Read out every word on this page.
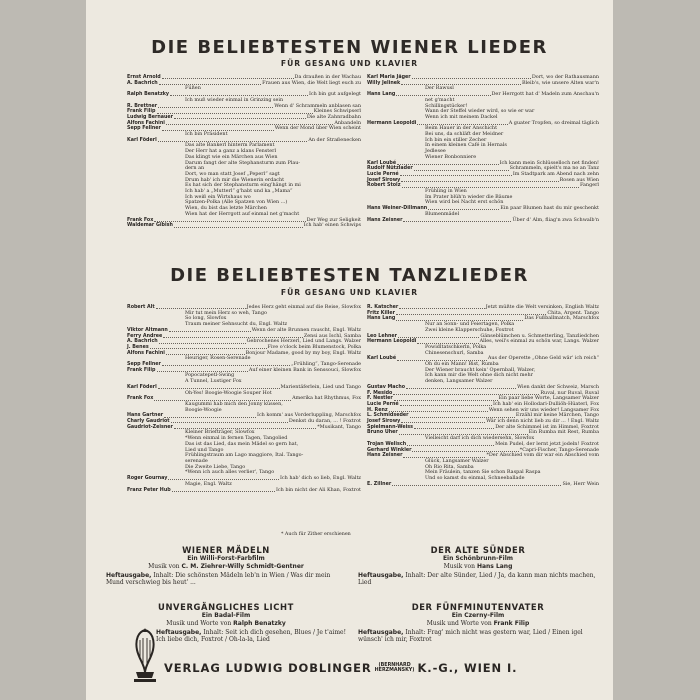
DIE BELIEBTESTEN WIENER LIEDER
FÜR GESANG UND KLAVIER
Ernst Arnold	Da draußen in der Wachau
A. Bachrich	Frauen aus Wien, die Welt liegt euch zu
Füßen
Ralph Benatzky	Ich bin gut aufgelegt
Ich muß wieder einmal in Grinzing sein
R. Brettner	Wenn d' Schrammeln anblasen san
Frank Filip	Kleines Schwipserl
Ludwig Bernauer	Die alte Zahnradbahn
Alfons Fachini	Anbandeln
Sepp Fellner	Wenn der Mond über Wien scheint
Ich bin Präsident
Karl Föderl	An der Straßenecken
Das alte Bankerl hinterm Parlament
Der Herr hat a ganz a klans Fensterl
Das klingt wie ein Märchen aus Wien
Darum fangt der alte Stephansturm zum Plau-
dern an
Dort, wo man statt Josef „Peperl“ sagt
Drum hab' ich mir die Wienerin erdacht
Es hat sich der Stephansturm eing'hängt in mi
Ich hab' a „Mutterl“ g'habt und ka „Mama“
Ich weiß ein Wirtshaus wo
Spatzen-Polka (Alle Spatzen von Wien ...)
Wien, du bist das letzte Märchen
Wien hat der Herrgott auf einmal net g'macht
Frank Fox	Der Weg zur Seligkeit
Waldemar Gibish	Ich hab' einen Schwips
Karl Maria Jäger	Dort, wo der Rathausmann
Willy Jelinek	Bleib's, wie unsere Alten war'n
Der Rawusl
Hans Lang	Der Herrgott hat d' Madeln zum Anschau'n
net g'macht
Schillingstücker!
Wann der Steffel wieder wird, so wie er war
Wenn ich mit meinem Dackel
Hermann Leopoldi	A guater Tropfen, so dreimal täglich
Beim Hauer in der Anschicht
Bei uns, da schläft der Meidner
Ich bin ein stiller Zecher
In einem kleinen Café in Hernals
Jedlesee
Wiener Bonbonniere
Karl Loubé	Ich kann mein Schlüsselloch net finden!
Rudolf Nützlader	Schrammeln, spielt's ma no an Tanz
Lucie Perné	Im Stadtpark am Abend nach zehn
Josef Sirowy	Rosen aus Wien
Robert Stolz	Fangerl
Frühling in Wien
Im Prater blüh'n wieder die Bäume
Wien wird bei Nacht erst schön
Hans Weiner-Dillmann	Ein paar Blumen hast du mir geschenkt
Blumenmädel
Hans Zeisner	Über d' Alm, fliag'n zwa Schwalb'n
DIE BELIEBTESTEN TANZLIEDER
FÜR GESANG UND KLAVIER
Robert Alt	Jedes Herz geht einmal auf die Reise, Slowfox
Mir tut mein Herz so weh, Tango
So long, Slowfox
Traum meiner Sehnsucht du, Engl. Waltz
Viktor Altmann	Wenn der alte Brunnen rauscht, Engl. Waltz
Ferry Andree	Zensi aus Ischl, Samba
A. Bachrich	Gebrochenes Herzerl, Lied und Langs. Walzer
J. Benes	Five o'clock beim Blumenstock, Polka
Alfons Fachini	Bonjour Madame, good by my boy, Engl. Waltz
Heuriger, Rosen-Serenade
Sepp Fellner	„Frühling“, Tango-Serenade
Frank Filip	Auf einer kleinen Bank in Senssouci, Slowfox
Popocatepetl-Swing
A Tunnel, Lustiger Fox
Karl Föderl	Marientäferlein, Lied und Tango
Oh-Yes! Boogie-Woogie Souper Hot
Frank Fox	Amerika hat Rhythmus, Fox
Kaugummi hab mich den Jonny küssen,
Boogie-Woogie
Hans Gartner	Ich komm' aus Vorderluppling, Marschfox
Charly Gaudriot	Denkst du daran, ... ! Foxtrot
Gaudriot-Zeisner	*Musikant, Tango
Kleiner Briefträger, Slowfox
*Wenn einmal in fernen Tagen, Tangolied
Das ist das Lied, das mein Mädel so gern hat,
Lied und Tango
Frühlingstraum am Lago maggiore, Ital. Tango-
serenade
Die Zweite Liebe, Tango
*Wenn ich auch alles verlier', Tango
Roger Gournay	Ich hab' dich so lieb, Engl. Waltz
Magie, Engl. Waltz
Franz Peter Hub	Ich bin nicht der Ali Khan, Foxtrot
R. Katscher	Jetzt müßte die Welt versinken, English Waltz
Fritz Killer	Chita, Argent. Tango
Hans Lang	Das Fußballmatch, Marschfox
Nur an Sonn- und Feiertagen, Polka
Zwei kleine Klapperschuhe, Foxtrot
Leo Lehner	Gänseblümchen u. Schmetterling, Tanzliedchen
Hermann Leopoldi	Alles, weil's einmal zu schön war, Langs. Walzer
Powidltatschkerln, Polka
Chinesenschurl, Samba
Karl Loubé	Aus der Operette „Ohne Geld wär' ich reich“
Oh du ein Mann! Bist, Rumba
Der Wiener braucht kein' Opernball, Walzer,
Ich kann mir die Welt ohne dich nicht mehr
denken, Langsamer Walzer
Gustav Macho	Wien dankt der Schweiz, Marsch
F. Mesido	Ruval, nur Ruval, Ruval
F. Nestler	Ein paar liebe Worte, Langsamer Walzer
Lucie Perné	Ich hab' ein Hollodari-Dulliöh-Hüaterl, Fox
H. Renz	Wenn sehen wir uns wieder! Langsamer Fox
L. Schmidseder	Erzähl mir keine Märchen, Tango
Josef Sirowy	Wär ich denn nicht lieb zu dir ... ! Engl. Waltz
Spielmann-Weiss	Der alte Schimmel ist im Himmel, Foxtrot
Bruno Uher	Ein Rumba mit Rest, Rumba
Vielleicht darf ich dich wiedersehn, Slowfox
Trojan Welisch	Mein Pudel, der lernt jetzt jodeln! Foxtrot
Gerhard Winkler	*Capri-Fischer, Tango-Serenade
Hans Zeisner	*Der Abschied vom dir war ein Abschied vom
Glück, Langsamer Walzer
Oh Rio Rita, Samba
Mein Fräulein, tanzen Sie schon Raspal Raspa
Und so kamst du einmal, Schneeballade
E. Zillner	Sie, Herr Wein
* Auch für Zither erschienen
WIENER MÄDELN
Ein Willi-Forst-Farbfilm
Musik von C. M. Ziehrer-Willy Schmidt-Gentner
Heftausgabe, Inhalt: Die schönsten Mädeln leb'n in Wien / Was dir mein Mund verschwieg bis heut' ...
DER ALTE SÜNDER
Ein Schönbrunn-Film
Musik von Hans Lang
Heftausgabe, Inhalt: Der alte Sünder, Lied / Ja, da kann man nichts machen, Lied
UNVERGÄNGLICHES LICHT
Ein Badal-Film
Musik und Worte von Ralph Benatzky
Heftausgabe, Inhalt: Seit ich dich gesehen, Blues / Je t'aime! Ich liebe dich, Foxtrot / Oh-la-la, Lied
DER FÜNFMINUTENVATER
Ein Czerny-Film
Musik und Worte von Frank Filip
Heftausgabe, Inhalt: Frag' mich nicht was gestern war, Lied / Einen igel wünsch' ich mir, Foxtrot
VERLAG LUDWIG DOBLINGER	(BERNHARD
HERZMANSKY) K.-G., WIEN I.
